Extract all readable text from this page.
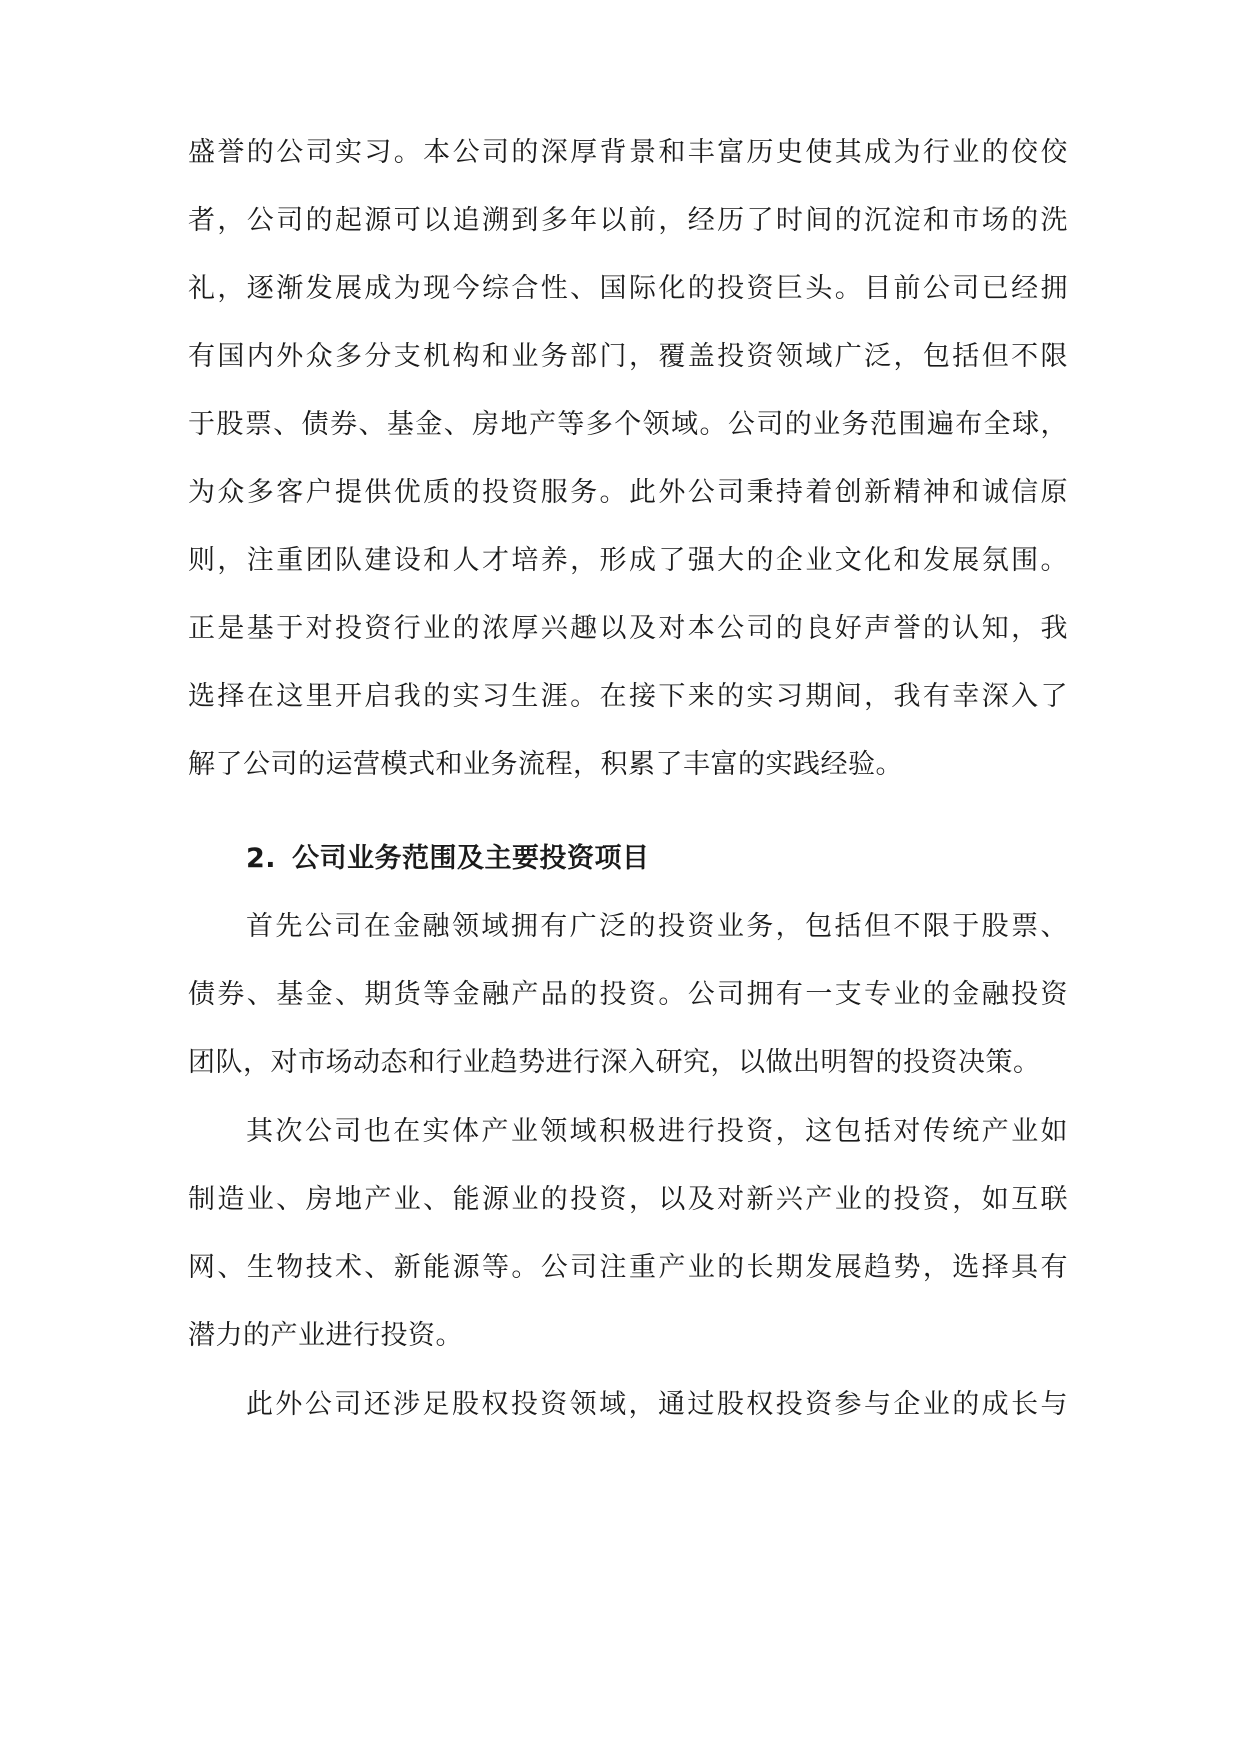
盛誉的公司实习。本公司的深厚背景和丰富历史使其成为行业的佼佼
者，公司的起源可以追溯到多年以前，经历了时间的沉淀和市场的洗
礼，逐渐发展成为现今综合性、国际化的投资巨头。目前公司已经拥
有国内外众多分支机构和业务部门，覆盖投资领域广泛，包括但不限
于股票、债券、基金、房地产等多个领域。公司的业务范围遍布全球，
为众多客户提供优质的投资服务。此外公司秉持着创新精神和诚信原
则，注重团队建设和人才培养，形成了强大的企业文化和发展氛围。
正是基于对投资行业的浓厚兴趣以及对本公司的良好声誉的认知，我
选择在这里开启我的实习生涯。在接下来的实习期间，我有幸深入了
解了公司的运营模式和业务流程，积累了丰富的实践经验。
2. 公司业务范围及主要投资项目
首先公司在金融领域拥有广泛的投资业务，包括但不限于股票、
债券、基金、期货等金融产品的投资。公司拥有一支专业的金融投资
团队，对市场动态和行业趋势进行深入研究，以做出明智的投资决策。
其次公司也在实体产业领域积极进行投资，这包括对传统产业如
制造业、房地产业、能源业的投资，以及对新兴产业的投资，如互联
网、生物技术、新能源等。公司注重产业的长期发展趋势，选择具有
潜力的产业进行投资。
此外公司还涉足股权投资领域，通过股权投资参与企业的成长与
